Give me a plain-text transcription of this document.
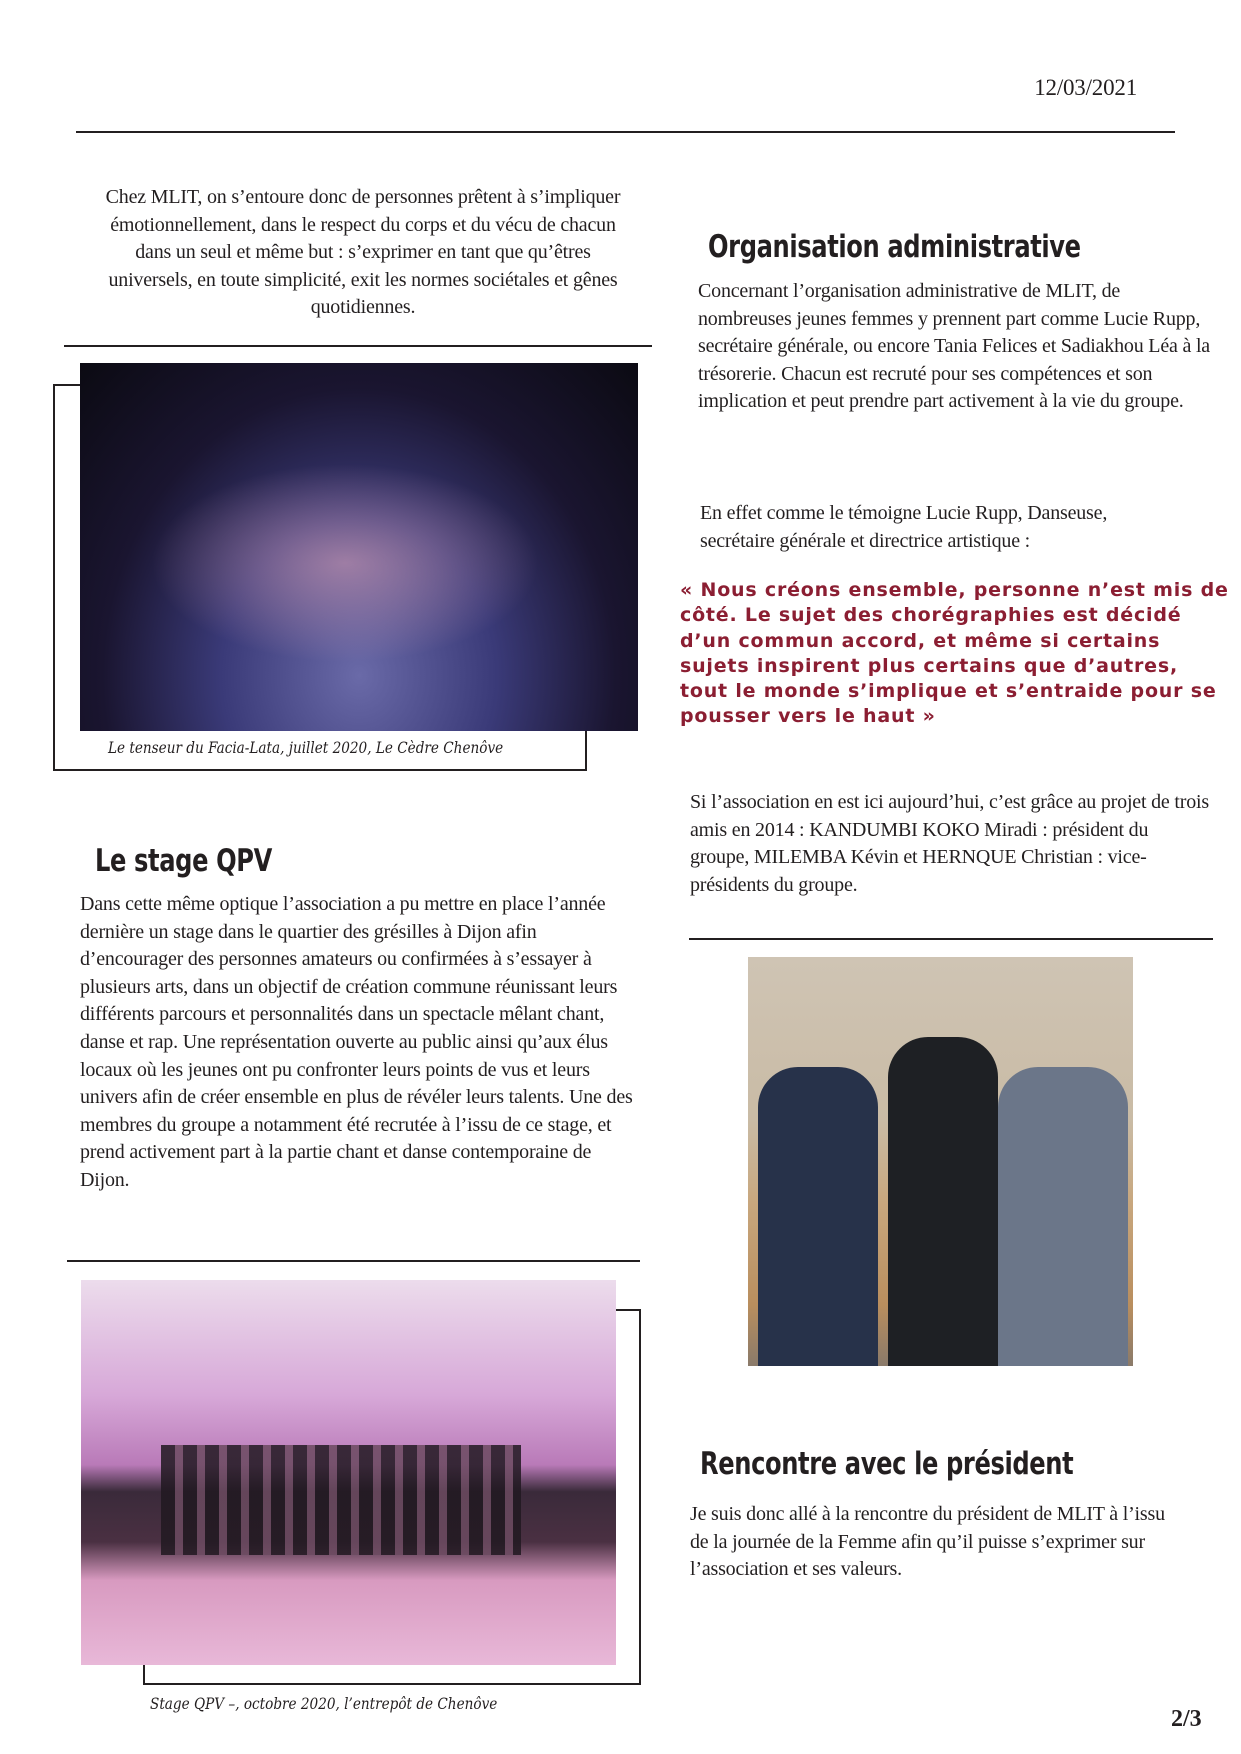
12/03/2021
Chez MLIT, on s’entoure donc de personnes prêtent à s’impliquer émotionnellement, dans le respect du corps et du vécu de chacun dans un seul et même but : s’exprimer en tant que qu’êtres universels, en toute simplicité, exit les normes sociétales et gênes quotidiennes.
Le tenseur du Facia-Lata, juillet 2020, Le Cèdre Chenôve
Organisation administrative
Concernant l’organisation administrative de MLIT, de nombreuses jeunes femmes y prennent part comme Lucie Rupp, secrétaire générale, ou encore Tania Felices et Sadiakhou Léa à la trésorerie. Chacun est recruté pour ses compétences et son implication et peut prendre part activement à la vie du groupe.
En effet comme le témoigne Lucie Rupp, Danseuse, secrétaire générale et directrice artistique :
« Nous créons ensemble, personne n’est mis de côté. Le sujet des chorégraphies est décidé d’un commun accord, et même si certains sujets inspirent plus certains que d’autres, tout le monde s’implique et s’entraide pour se pousser vers le haut »
Si l’association en est ici aujourd’hui, c’est grâce au projet de trois amis en 2014 : KANDUMBI KOKO Miradi : président du groupe, MILEMBA Kévin et HERNQUE Christian : vice-présidents du groupe.
Le stage QPV
Dans cette même optique l’association a pu mettre en place l’année dernière un stage dans le quartier des grésilles à Dijon afin d’encourager des personnes amateurs ou confirmées à s’essayer à plusieurs arts, dans un objectif de création commune réunissant leurs différents parcours et personnalités dans un spectacle mêlant chant, danse et rap. Une représentation ouverte au public ainsi qu’aux élus locaux où les jeunes ont pu confronter leurs points de vus et leurs univers afin de créer ensemble en plus de révéler leurs talents. Une des membres du groupe a notamment été recrutée à l’issu de ce stage, et prend activement part à la partie chant et danse contemporaine de Dijon.
Stage QPV –, octobre 2020, l’entrepôt de Chenôve
Rencontre avec le président
Je suis donc allé à la rencontre du président de MLIT à l’issu de la journée de la Femme afin qu’il puisse s’exprimer sur l’association et ses valeurs.
2/3
